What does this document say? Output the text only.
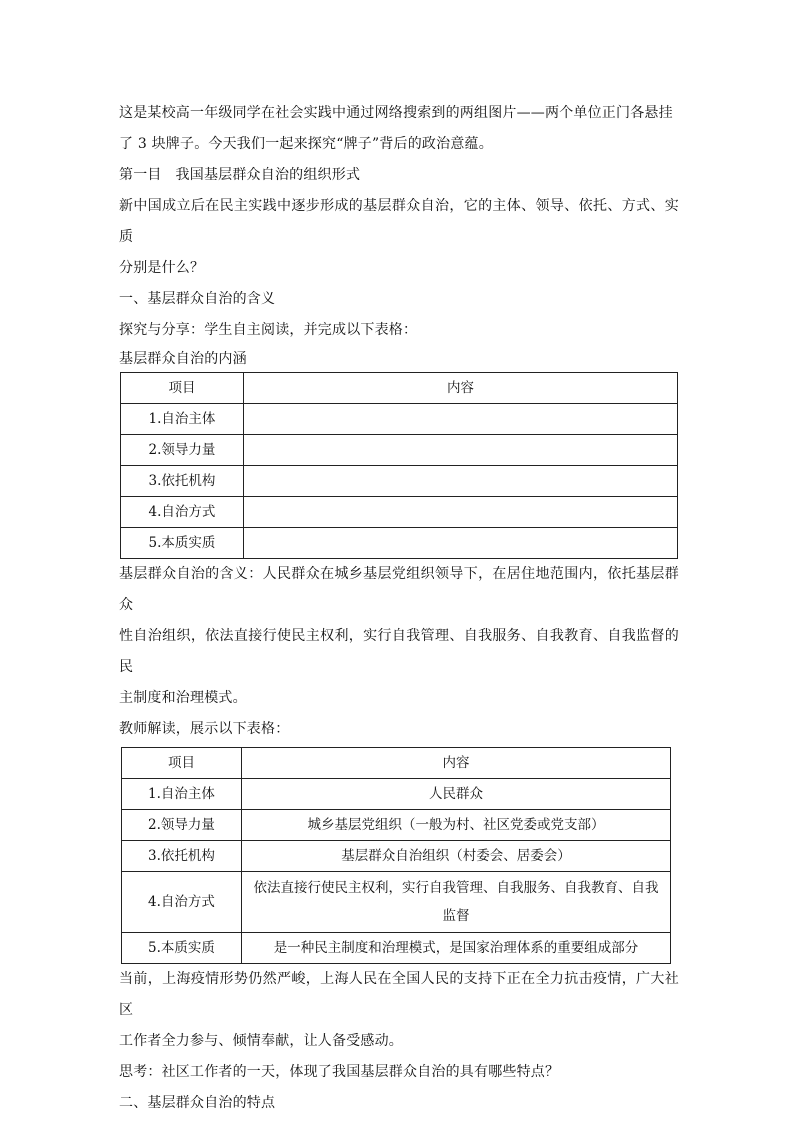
这是某校高一年级同学在社会实践中通过网络搜索到的两组图片——两个单位正门各悬挂

了 3 块牌子。今天我们一起来探究“牌子”背后的政治意蕴。

第一目   我国基层群众自治的组织形式

新中国成立后在民主实践中逐步形成的基层群众自治，它的主体、领导、依托、方式、实质

分别是什么？

一、基层群众自治的含义

探究与分享：学生自主阅读，并完成以下表格：

基层群众自治的内涵

项目	内容
1.自治主体	
2.领导力量	
3.依托机构	
4.自治方式	
5.本质实质	

基层群众自治的含义：人民群众在城乡基层党组织领导下，在居住地范围内，依托基层群众

性自治组织，依法直接行使民主权利，实行自我管理、自我服务、自我教育、自我监督的民

主制度和治理模式。

教师解读，展示以下表格：

项目	内容
1.自治主体	人民群众
2.领导力量	城乡基层党组织（一般为村、社区党委或党支部）
3.依托机构	基层群众自治组织（村委会、居委会）
4.自治方式	依法直接行使民主权利，实行自我管理、自我服务、自我教育、自我监督
5.本质实质	是一种民主制度和治理模式，是国家治理体系的重要组成部分

当前，上海疫情形势仍然严峻，上海人民在全国人民的支持下正在全力抗击疫情，广大社区

工作者全力参与、倾情奉献，让人备受感动。

思考：社区工作者的一天，体现了我国基层群众自治的具有哪些特点？

二、基层群众自治的特点
